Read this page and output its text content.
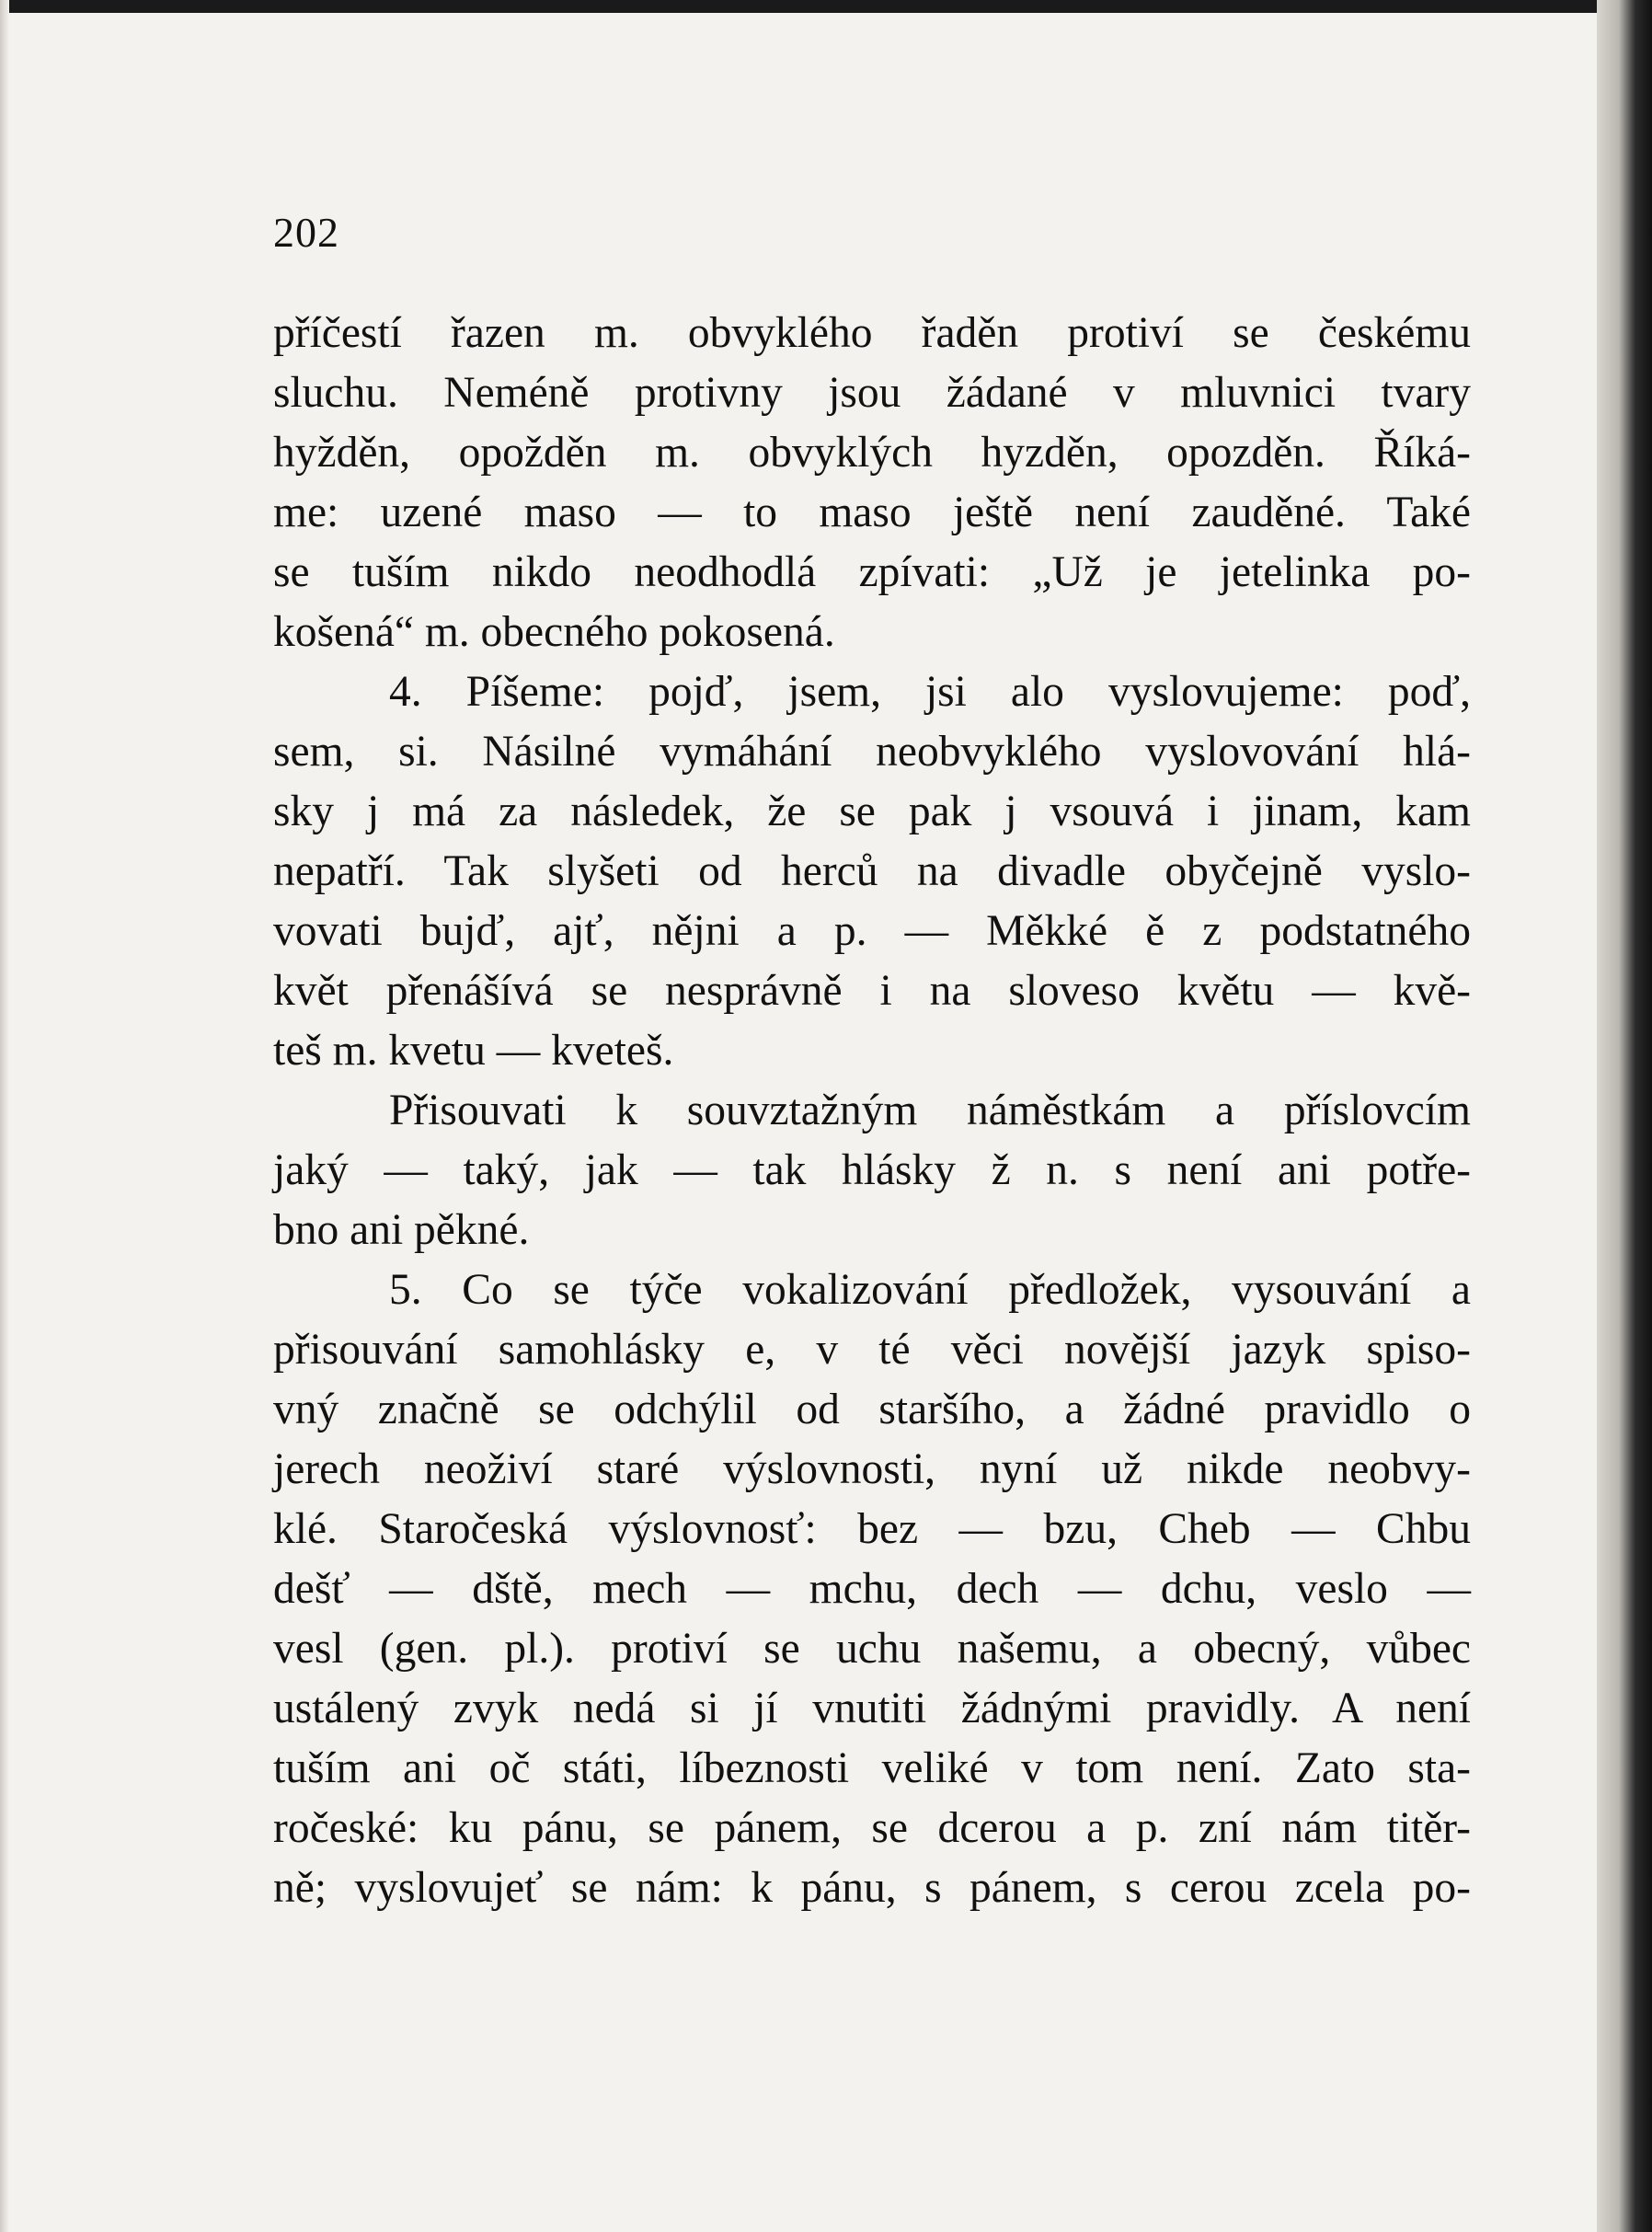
202
příčestí řazen m. obvyklého řaděn protiví se českému
sluchu. Neméně protivny jsou žádané v mluvnici tvary
hyžděn, opožděn m. obvyklých hyzděn, opozděn. Říká-
me: uzené maso — to maso ještě není zauděné. Také
se tuším nikdo neodhodlá zpívati: „Už je jetelinka po-
košená“ m. obecného pokosená.
4. Píšeme: pojď, jsem, jsi alo vyslovujeme: poď,
sem, si. Násilné vymáhání neobvyklého vyslovování hlá-
sky j má za následek, že se pak j vsouvá i jinam, kam
nepatří. Tak slyšeti od herců na divadle obyčejně vyslo-
vovati bujď, ajť, nějni a p. — Měkké ě z podstatného
květ přenášívá se nesprávně i na sloveso květu — kvě-
teš m. kvetu — kveteš.
Přisouvati k souvztažným náměstkám a příslovcím
jaký — taký, jak — tak hlásky ž n. s není ani potře-
bno ani pěkné.
5. Co se týče vokalizování předložek, vysouvání a
přisouvání samohlásky e, v té věci novější jazyk spiso-
vný značně se odchýlil od staršího, a žádné pravidlo o
jerech neoživí staré výslovnosti, nyní už nikde neobvy-
klé. Staročeská výslovnosť: bez — bzu, Cheb — Chbu
dešť — dště, mech — mchu, dech — dchu, veslo —
vesl (gen. pl.). protiví se uchu našemu, a obecný, vůbec
ustálený zvyk nedá si jí vnutiti žádnými pravidly. A není
tuším ani oč státi, líbeznosti veliké v tom není. Zato sta-
ročeské: ku pánu, se pánem, se dcerou a p. zní nám titěr-
ně; vyslovujeť se nám: k pánu, s pánem, s cerou zcela po-
